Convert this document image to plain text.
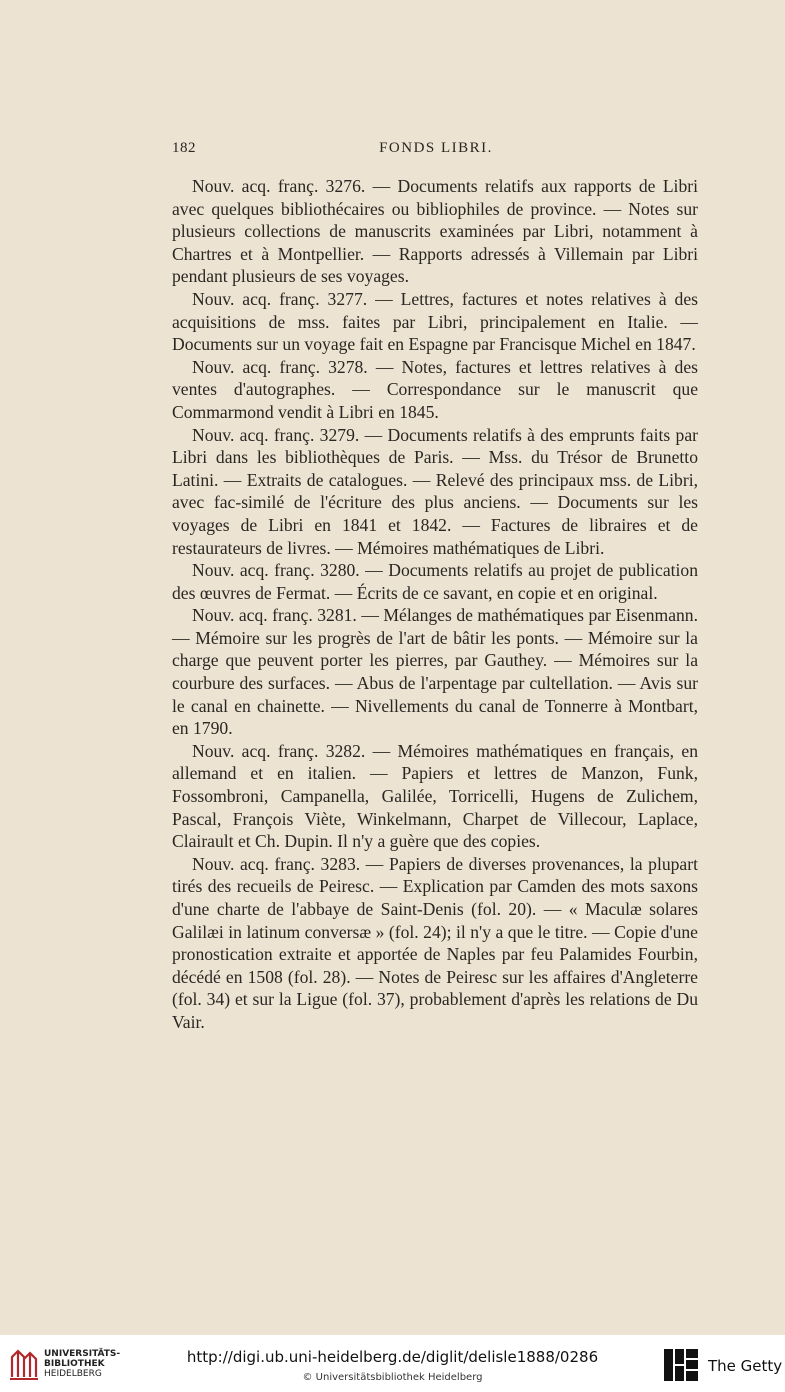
182	FONDS LIBRI.

Nouv. acq. franç. 3276. — Documents relatifs aux rapports de Libri avec quelques bibliothécaires ou bibliophiles de province. — Notes sur plusieurs collections de manuscrits examinées par Libri, notamment à Chartres et à Montpellier. — Rapports adressés à Villemain par Libri pendant plusieurs de ses voyages.

Nouv. acq. franç. 3277. — Lettres, factures et notes relatives à des acquisitions de mss. faites par Libri, principalement en Italie. — Documents sur un voyage fait en Espagne par Francisque Michel en 1847.

Nouv. acq. franç. 3278. — Notes, factures et lettres relatives à des ventes d'autographes. — Correspondance sur le manuscrit que Commarmond vendit à Libri en 1845.

Nouv. acq. franç. 3279. — Documents relatifs à des emprunts faits par Libri dans les bibliothèques de Paris. — Mss. du Trésor de Brunetto Latini. — Extraits de catalogues. — Relevé des principaux mss. de Libri, avec fac-similé de l'écriture des plus anciens. — Documents sur les voyages de Libri en 1841 et 1842. — Factures de libraires et de restaurateurs de livres. — Mémoires mathématiques de Libri.

Nouv. acq. franç. 3280. — Documents relatifs au projet de publication des œuvres de Fermat. — Écrits de ce savant, en copie et en original.

Nouv. acq. franç. 3281. — Mélanges de mathématiques par Eisenmann. — Mémoire sur les progrès de l'art de bâtir les ponts. — Mémoire sur la charge que peuvent porter les pierres, par Gauthey. — Mémoires sur la courbure des surfaces. — Abus de l'arpentage par cultellation. — Avis sur le canal en chainette. — Nivellements du canal de Tonnerre à Montbart, en 1790.

Nouv. acq. franç. 3282. — Mémoires mathématiques en français, en allemand et en italien. — Papiers et lettres de Manzon, Funk, Fossombroni, Campanella, Galilée, Torricelli, Hugens de Zulichem, Pascal, François Viète, Winkelmann, Charpet de Villecour, Laplace, Clairault et Ch. Dupin. Il n'y a guère que des copies.

Nouv. acq. franç. 3283. — Papiers de diverses provenances, la plupart tirés des recueils de Peiresc. — Explication par Camden des mots saxons d'une charte de l'abbaye de Saint-Denis (fol. 20). — « Maculæ solares Galilæi in latinum conversæ » (fol. 24); il n'y a que le titre. — Copie d'une pronostication extraite et apportée de Naples par feu Palamides Fourbin, décédé en 1508 (fol. 28). — Notes de Peiresc sur les affaires d'Angleterre (fol. 34) et sur la Ligue (fol. 37), probablement d'après les relations de Du Vair.

UNIVERSITÄTS-
BIBLIOTHEK
HEIDELBERG
http://digi.ub.uni-heidelberg.de/diglit/delisle1888/0286
© Universitätsbibliothek Heidelberg
The Getty
